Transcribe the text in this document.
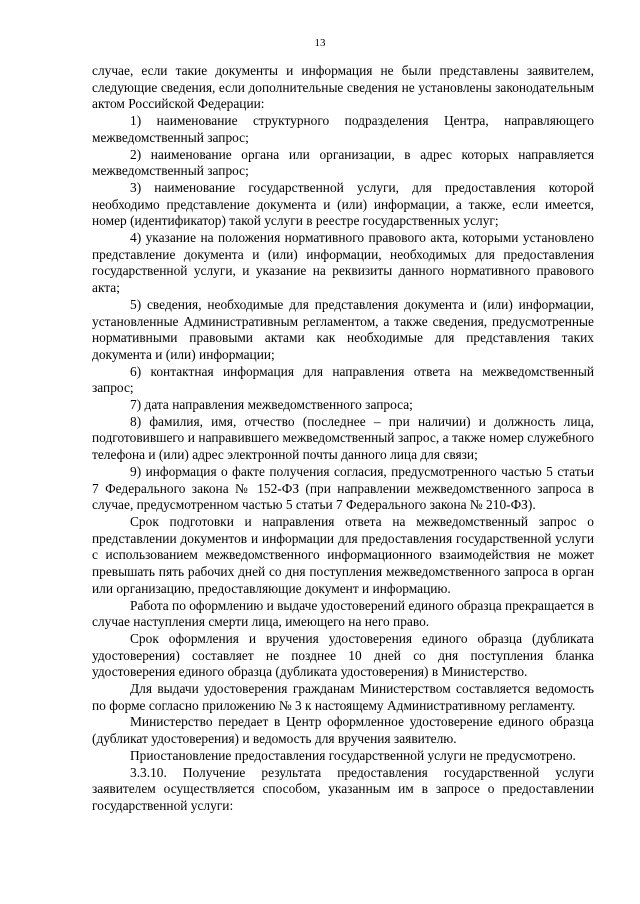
13

случае, если такие документы и информация не были представлены заявителем, следующие сведения, если дополнительные сведения не установлены законодательным актом Российской Федерации:

1) наименование структурного подразделения Центра, направляющего межведомственный запрос;

2) наименование органа или организации, в адрес которых направляется межведомственный запрос;

3) наименование государственной услуги, для предоставления которой необходимо представление документа и (или) информации, а также, если имеется, номер (идентификатор) такой услуги в реестре государственных услуг;

4) указание на положения нормативного правового акта, которыми установлено представление документа и (или) информации, необходимых для предоставления государственной услуги, и указание на реквизиты данного нормативного правового акта;

5) сведения, необходимые для представления документа и (или) информации, установленные Административным регламентом, а также сведения, предусмотренные нормативными правовыми актами как необходимые для представления таких документа и (или) информации;

6) контактная информация для направления ответа на межведомственный запрос;

7) дата направления межведомственного запроса;

8) фамилия, имя, отчество (последнее – при наличии) и должность лица, подготовившего и направившего межведомственный запрос, а также номер служебного телефона и (или) адрес электронной почты данного лица для связи;

9) информация о факте получения согласия, предусмотренного частью 5 статьи 7 Федерального закона № 152-ФЗ (при направлении межведомственного запроса в случае, предусмотренном частью 5 статьи 7 Федерального закона № 210-ФЗ).

Срок подготовки и направления ответа на межведомственный запрос о представлении документов и информации для предоставления государственной услуги с использованием межведомственного информационного взаимодействия не может превышать пять рабочих дней со дня поступления межведомственного запроса в орган или организацию, предоставляющие документ и информацию.

Работа по оформлению и выдаче удостоверений единого образца прекращается в случае наступления смерти лица, имеющего на него право.

Срок оформления и вручения удостоверения единого образца (дубликата удостоверения) составляет не позднее 10 дней со дня поступления бланка удостоверения единого образца (дубликата удостоверения) в Министерство.

Для выдачи удостоверения гражданам Министерством составляется ведомость по форме согласно приложению № 3 к настоящему Административному регламенту.

Министерство передает в Центр оформленное удостоверение единого образца (дубликат удостоверения) и ведомость для вручения заявителю.

Приостановление предоставления государственной услуги не предусмотрено.

3.3.10. Получение результата предоставления государственной услуги заявителем осуществляется способом, указанным им в запросе о предоставлении государственной услуги:
